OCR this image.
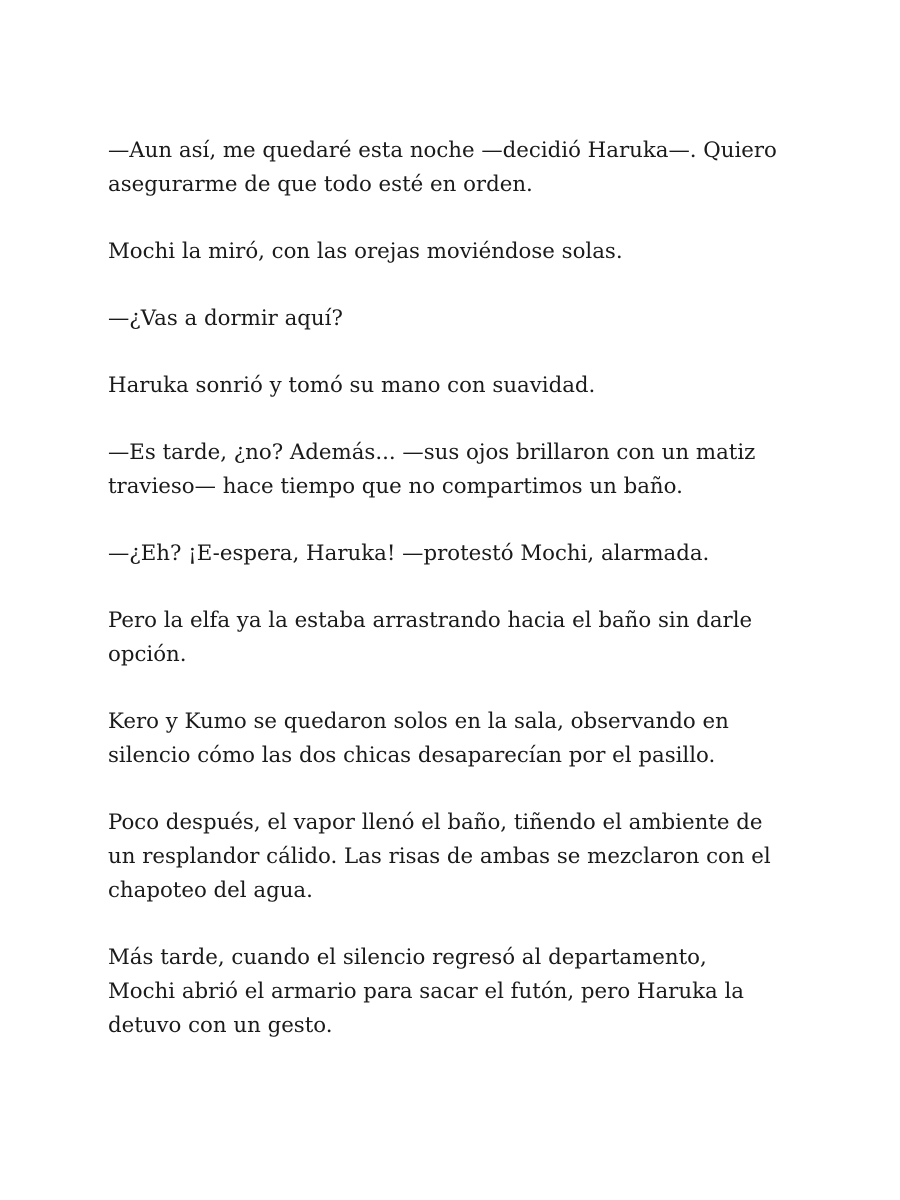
—Aun así, me quedaré esta noche —decidió Haruka—. Quiero
asegurarme de que todo esté en orden.

Mochi la miró, con las orejas moviéndose solas.

—¿Vas a dormir aquí?

Haruka sonrió y tomó su mano con suavidad.

—Es tarde, ¿no? Además... —sus ojos brillaron con un matiz
travieso— hace tiempo que no compartimos un baño.

—¿Eh? ¡E-espera, Haruka! —protestó Mochi, alarmada.

Pero la elfa ya la estaba arrastrando hacia el baño sin darle
opción.

Kero y Kumo se quedaron solos en la sala, observando en
silencio cómo las dos chicas desaparecían por el pasillo.

Poco después, el vapor llenó el baño, tiñendo el ambiente de
un resplandor cálido. Las risas de ambas se mezclaron con el
chapoteo del agua.

Más tarde, cuando el silencio regresó al departamento,
Mochi abrió el armario para sacar el futón, pero Haruka la
detuvo con un gesto.
